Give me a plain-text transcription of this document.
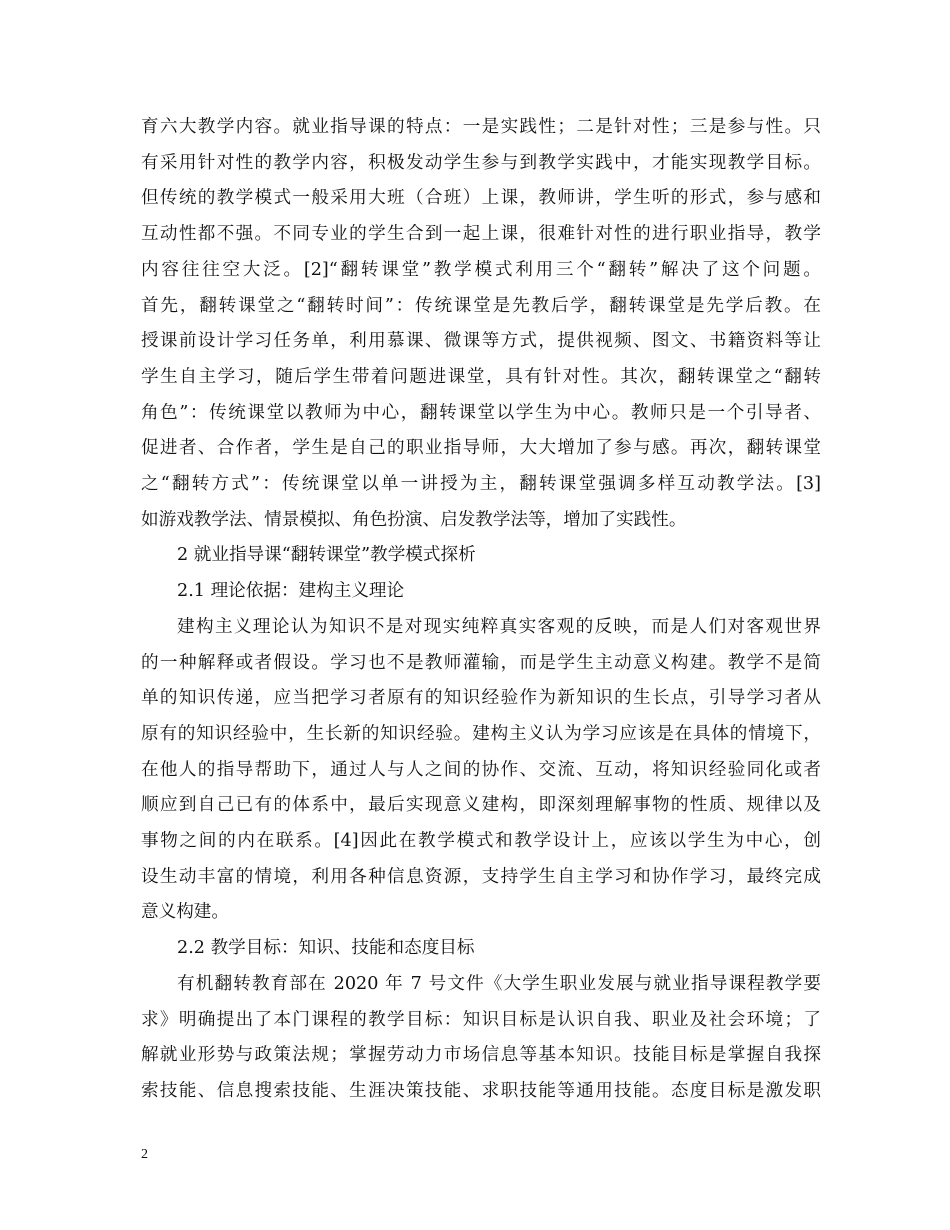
育六大教学内容。就业指导课的特点：一是实践性；二是针对性；三是参与性。只
有采用针对性的教学内容，积极发动学生参与到教学实践中，才能实现教学目标。
但传统的教学模式一般采用大班（合班）上课，教师讲，学生听的形式，参与感和
互动性都不强。不同专业的学生合到一起上课，很难针对性的进行职业指导，教学
内容往往空大泛。[2]“翻转课堂”教学模式利用三个“翻转”解决了这个问题。
首先，翻转课堂之“翻转时间”：传统课堂是先教后学，翻转课堂是先学后教。在
授课前设计学习任务单，利用慕课、微课等方式，提供视频、图文、书籍资料等让
学生自主学习，随后学生带着问题进课堂，具有针对性。其次，翻转课堂之“翻转
角色”：传统课堂以教师为中心，翻转课堂以学生为中心。教师只是一个引导者、
促进者、合作者，学生是自己的职业指导师，大大增加了参与感。再次，翻转课堂
之“翻转方式”：传统课堂以单一讲授为主，翻转课堂强调多样互动教学法。[3]
如游戏教学法、情景模拟、角色扮演、启发教学法等，增加了实践性。

2 就业指导课“翻转课堂”教学模式探析

2.1 理论依据：建构主义理论

建构主义理论认为知识不是对现实纯粹真实客观的反映，而是人们对客观世界
的一种解释或者假设。学习也不是教师灌输，而是学生主动意义构建。教学不是简
单的知识传递，应当把学习者原有的知识经验作为新知识的生长点，引导学习者从
原有的知识经验中，生长新的知识经验。建构主义认为学习应该是在具体的情境下，
在他人的指导帮助下，通过人与人之间的协作、交流、互动，将知识经验同化或者
顺应到自己已有的体系中，最后实现意义建构，即深刻理解事物的性质、规律以及
事物之间的内在联系。[4]因此在教学模式和教学设计上，应该以学生为中心，创
设生动丰富的情境，利用各种信息资源，支持学生自主学习和协作学习，最终完成
意义构建。

2.2 教学目标：知识、技能和态度目标

有机翻转教育部在 2020 年 7 号文件《大学生职业发展与就业指导课程教学要
求》明确提出了本门课程的教学目标：知识目标是认识自我、职业及社会环境；了
解就业形势与政策法规；掌握劳动力市场信息等基本知识。技能目标是掌握自我探
索技能、信息搜索技能、生涯决策技能、求职技能等通用技能。态度目标是激发职

2
